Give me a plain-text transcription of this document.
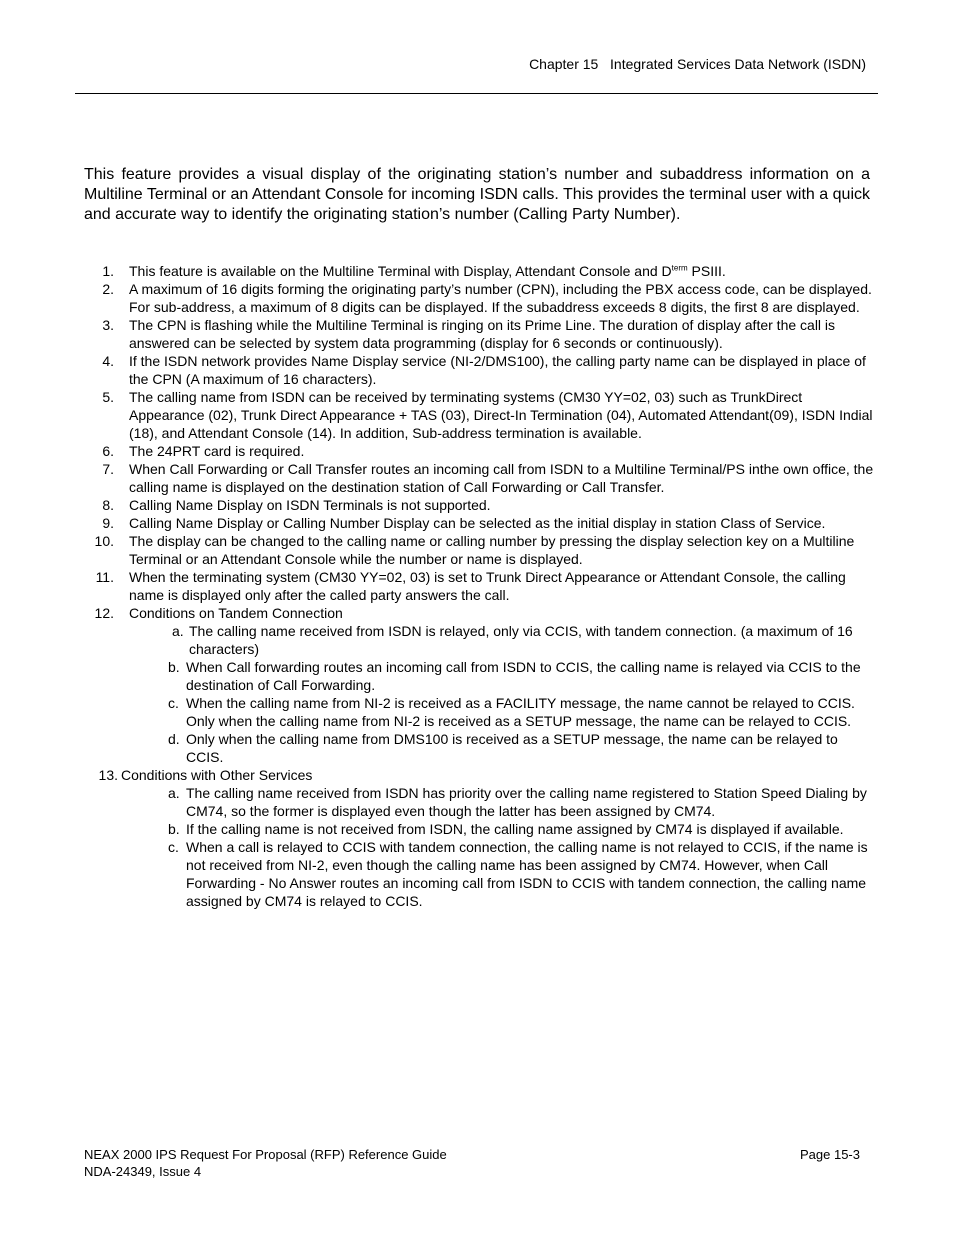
Chapter 15 Integrated Services Data Network (ISDN)

This feature provides a visual display of the originating station’s number and subaddress information on a Multiline Terminal or an Attendant Console for incoming ISDN calls. This provides the terminal user with a quick and accurate way to identify the originating station’s number (Calling Party Number).

1. This feature is available on the Multiline Terminal with Display, Attendant Console and $D^{term}$ PSIII.
2. A maximum of 16 digits forming the originating party’s number (CPN), including the PBX access code, can be displayed. For sub-address, a maximum of 8 digits can be displayed. If the subaddress exceeds 8 digits, the first 8 are displayed.
3. The CPN is flashing while the Multiline Terminal is ringing on its Prime Line. The duration of display after the call is answered can be selected by system data programming (display for 6 seconds or continuously).
4. If the ISDN network provides Name Display service (NI-2/DMS100), the calling party name can be displayed in place of the CPN (A maximum of 16 characters).
5. The calling name from ISDN can be received by terminating systems (CM30 YY=02, 03) such as TrunkDirect Appearance (02), Trunk Direct Appearance + TAS (03), Direct-In Termination (04), Automated Attendant(09), ISDN Indial (18), and Attendant Console (14). In addition, Sub-address termination is available.
6. The 24PRT card is required.
7. When Call Forwarding or Call Transfer routes an incoming call from ISDN to a Multiline Terminal/PS inthe own office, the calling name is displayed on the destination station of Call Forwarding or Call Transfer.
8. Calling Name Display on ISDN Terminals is not supported.
9. Calling Name Display or Calling Number Display can be selected as the initial display in station Class of Service.
10. The display can be changed to the calling name or calling number by pressing the display selection key on a Multiline Terminal or an Attendant Console while the number or name is displayed.
11. When the terminating system (CM30 YY=02, 03) is set to Trunk Direct Appearance or Attendant Console, the calling name is displayed only after the called party answers the call.
12. Conditions on Tandem Connection
a. The calling name received from ISDN is relayed, only via CCIS, with tandem connection. (a maximum of 16 characters)
b. When Call forwarding routes an incoming call from ISDN to CCIS, the calling name is relayed via CCIS to the destination of Call Forwarding.
c. When the calling name from NI-2 is received as a FACILITY message, the name cannot be relayed to CCIS. Only when the calling name from NI-2 is received as a SETUP message, the name can be relayed to CCIS.
d. Only when the calling name from DMS100 is received as a SETUP message, the name can be relayed to CCIS.
13. Conditions with Other Services
a. The calling name received from ISDN has priority over the calling name registered to Station Speed Dialing by CM74, so the former is displayed even though the latter has been assigned by CM74.
b. If the calling name is not received from ISDN, the calling name assigned by CM74 is displayed if available.
c. When a call is relayed to CCIS with tandem connection, the calling name is not relayed to CCIS, if the name is not received from NI-2, even though the calling name has been assigned by CM74. However, when Call Forwarding - No Answer routes an incoming call from ISDN to CCIS with tandem connection, the calling name assigned by CM74 is relayed to CCIS.
NEAX 2000 IPS Request For Proposal (RFP) Reference Guide
NDA-24349, Issue 4
Page 15-3
